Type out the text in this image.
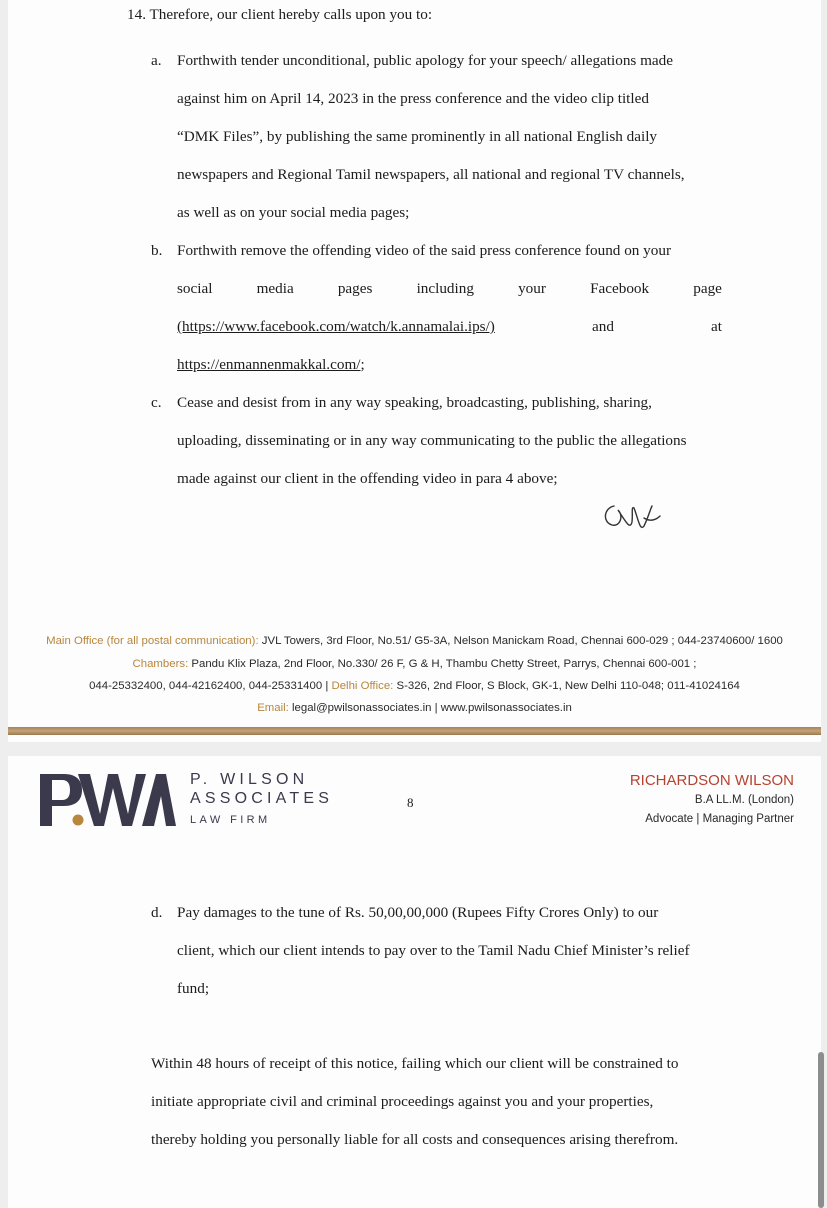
14. Therefore, our client hereby calls upon you to:
a. Forthwith tender unconditional, public apology for your speech/ allegations made
against him on April 14, 2023 in the press conference and the video clip titled
“DMK Files”, by publishing the same prominently in all national English daily
newspapers and Regional Tamil newspapers, all national and regional TV channels,
as well as on your social media pages;
b. Forthwith remove the offending video of the said press conference found on your
social	media	pages	including	your	Facebook	page
(https://www.facebook.com/watch/k.annamalai.ips/)	and	at
https://enmannenmakkal.com/;
c. Cease and desist from in any way speaking, broadcasting, publishing, sharing,
uploading, disseminating or in any way communicating to the public the allegations
made against our client in the offending video in para 4 above;
Main Office (for all postal communication): JVL Towers, 3rd Floor, No.51/ G5-3A, Nelson Manickam Road, Chennai 600-029 ; 044-23740600/ 1600
Chambers: Pandu Klix Plaza, 2nd Floor, No.330/ 26 F, G & H, Thambu Chetty Street, Parrys, Chennai 600-001 ;
044-25332400, 044-42162400, 044-25331400 | Delhi Office: S-326, 2nd Floor, S Block, GK-1, New Delhi 110-048; 011-41024164
Email: legal@pwilsonassociates.in | www.pwilsonassociates.in
P. WILSON
ASSOCIATES
LAW FIRM
8
RICHARDSON WILSON
B.A LL.M. (London)
Advocate | Managing Partner
d. Pay damages to the tune of Rs. 50,00,00,000 (Rupees Fifty Crores Only) to our
client, which our client intends to pay over to the Tamil Nadu Chief Minister’s relief
fund;
Within 48 hours of receipt of this notice, failing which our client will be constrained to
initiate appropriate civil and criminal proceedings against you and your properties,
thereby holding you personally liable for all costs and consequences arising therefrom.
